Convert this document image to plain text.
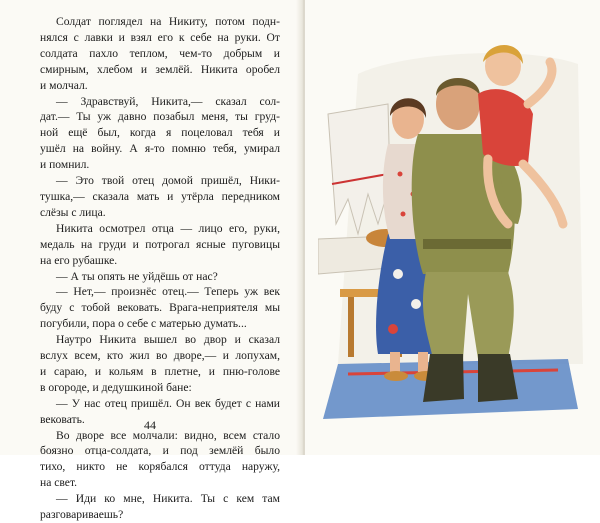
Солдат поглядел на Никиту, потом подн-
нялся с лавки и взял его к себе на руки. От
солдата пахло теплом, чем-то добрым и
смирным, хлебом и землёй. Никита оробел
и молчал.
— Здравствуй, Никита,— сказал сол-
дат.— Ты уж давно позабыл меня, ты груд-
ной ещё был, когда я поцеловал тебя и
ушёл на войну. А я-то помню тебя, умирал
и помнил.
— Это твой отец домой пришёл, Ники-
тушка,— сказала мать и утёрла передником
слёзы с лица.
Никита осмотрел отца — лицо его, руки,
медаль на груди и потрогал ясные пуговицы
на его рубашке.
— А ты опять не уйдёшь от нас?
— Нет,— произнёс отец.— Теперь уж век
буду с тобой вековать. Врага-неприятеля мы
погубили, пора о себе с матерью думать...
Наутро Никита вышел во двор и сказал
вслух всем, кто жил во дворе,— и лопухам,
и сараю, и кольям в плетне, и пню-голове
в огороде, и дедушкиной бане:
— У нас отец пришёл. Он век будет с нами
вековать.
Во дворе все молчали: видно, всем стало
боязно отца-солдата, и под землёй было
тихо, никто не корябался оттуда наружу,
на свет.
— Иди ко мне, Никита. Ты с кем там
разговариваешь?
44
